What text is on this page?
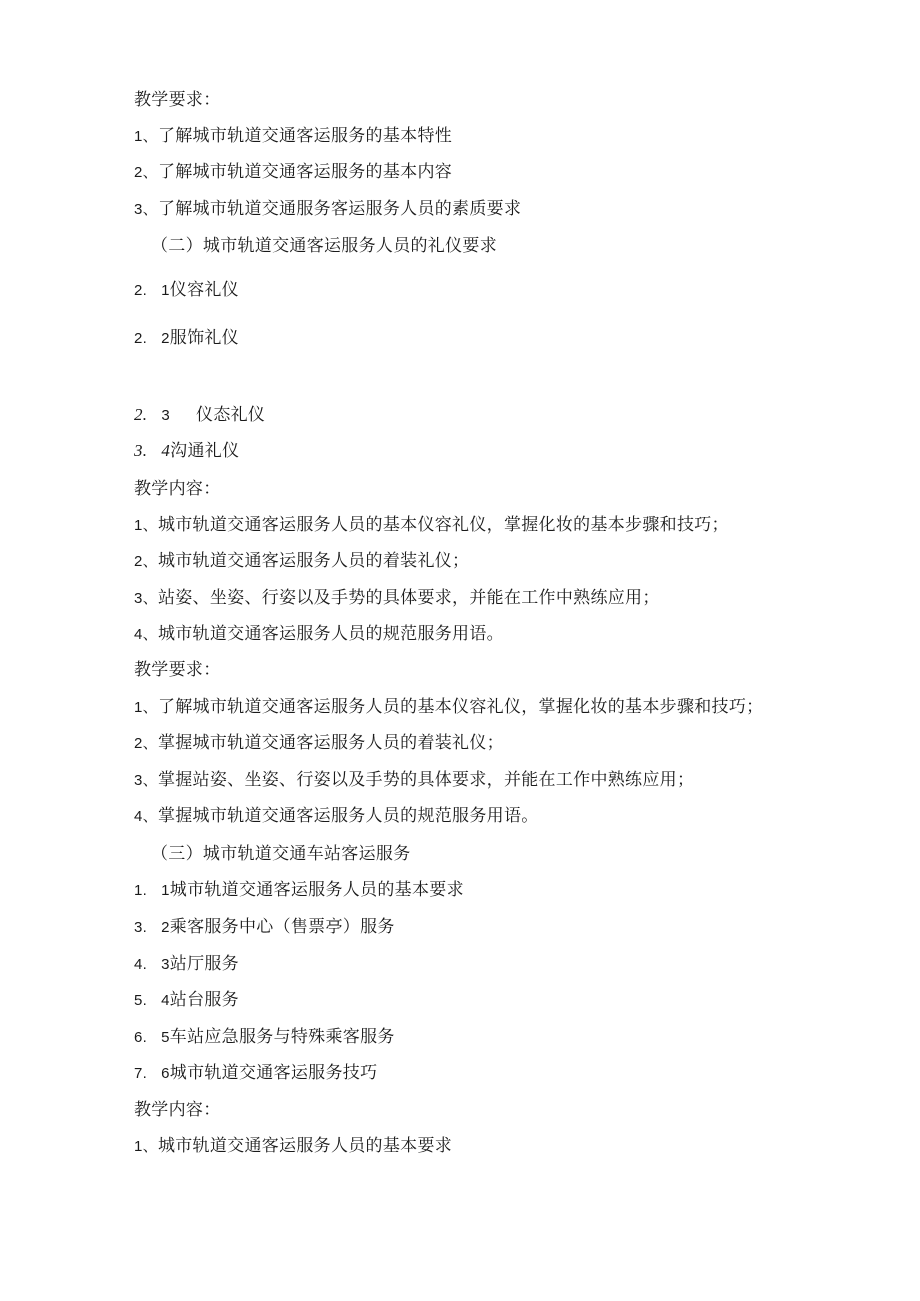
教学要求：
1、了解城市轨道交通客运服务的基本特性
2、了解城市轨道交通客运服务的基本内容
3、了解城市轨道交通服务客运服务人员的素质要求
（二）城市轨道交通客运服务人员的礼仪要求
2. 1仪容礼仪
2. 2服饰礼仪
2. 3 仪态礼仪
3. 4沟通礼仪
教学内容：
1、城市轨道交通客运服务人员的基本仪容礼仪，掌握化妆的基本步骤和技巧；
2、城市轨道交通客运服务人员的着装礼仪；
3、站姿、坐姿、行姿以及手势的具体要求，并能在工作中熟练应用；
4、城市轨道交通客运服务人员的规范服务用语。
教学要求：
1、了解城市轨道交通客运服务人员的基本仪容礼仪，掌握化妆的基本步骤和技巧；
2、掌握城市轨道交通客运服务人员的着装礼仪；
3、掌握站姿、坐姿、行姿以及手势的具体要求，并能在工作中熟练应用；
4、掌握城市轨道交通客运服务人员的规范服务用语。
（三）城市轨道交通车站客运服务
1. 1城市轨道交通客运服务人员的基本要求
3. 2乘客服务中心（售票亭）服务
4. 3站厅服务
5. 4站台服务
6. 5车站应急服务与特殊乘客服务
7. 6城市轨道交通客运服务技巧
教学内容：
1、城市轨道交通客运服务人员的基本要求
